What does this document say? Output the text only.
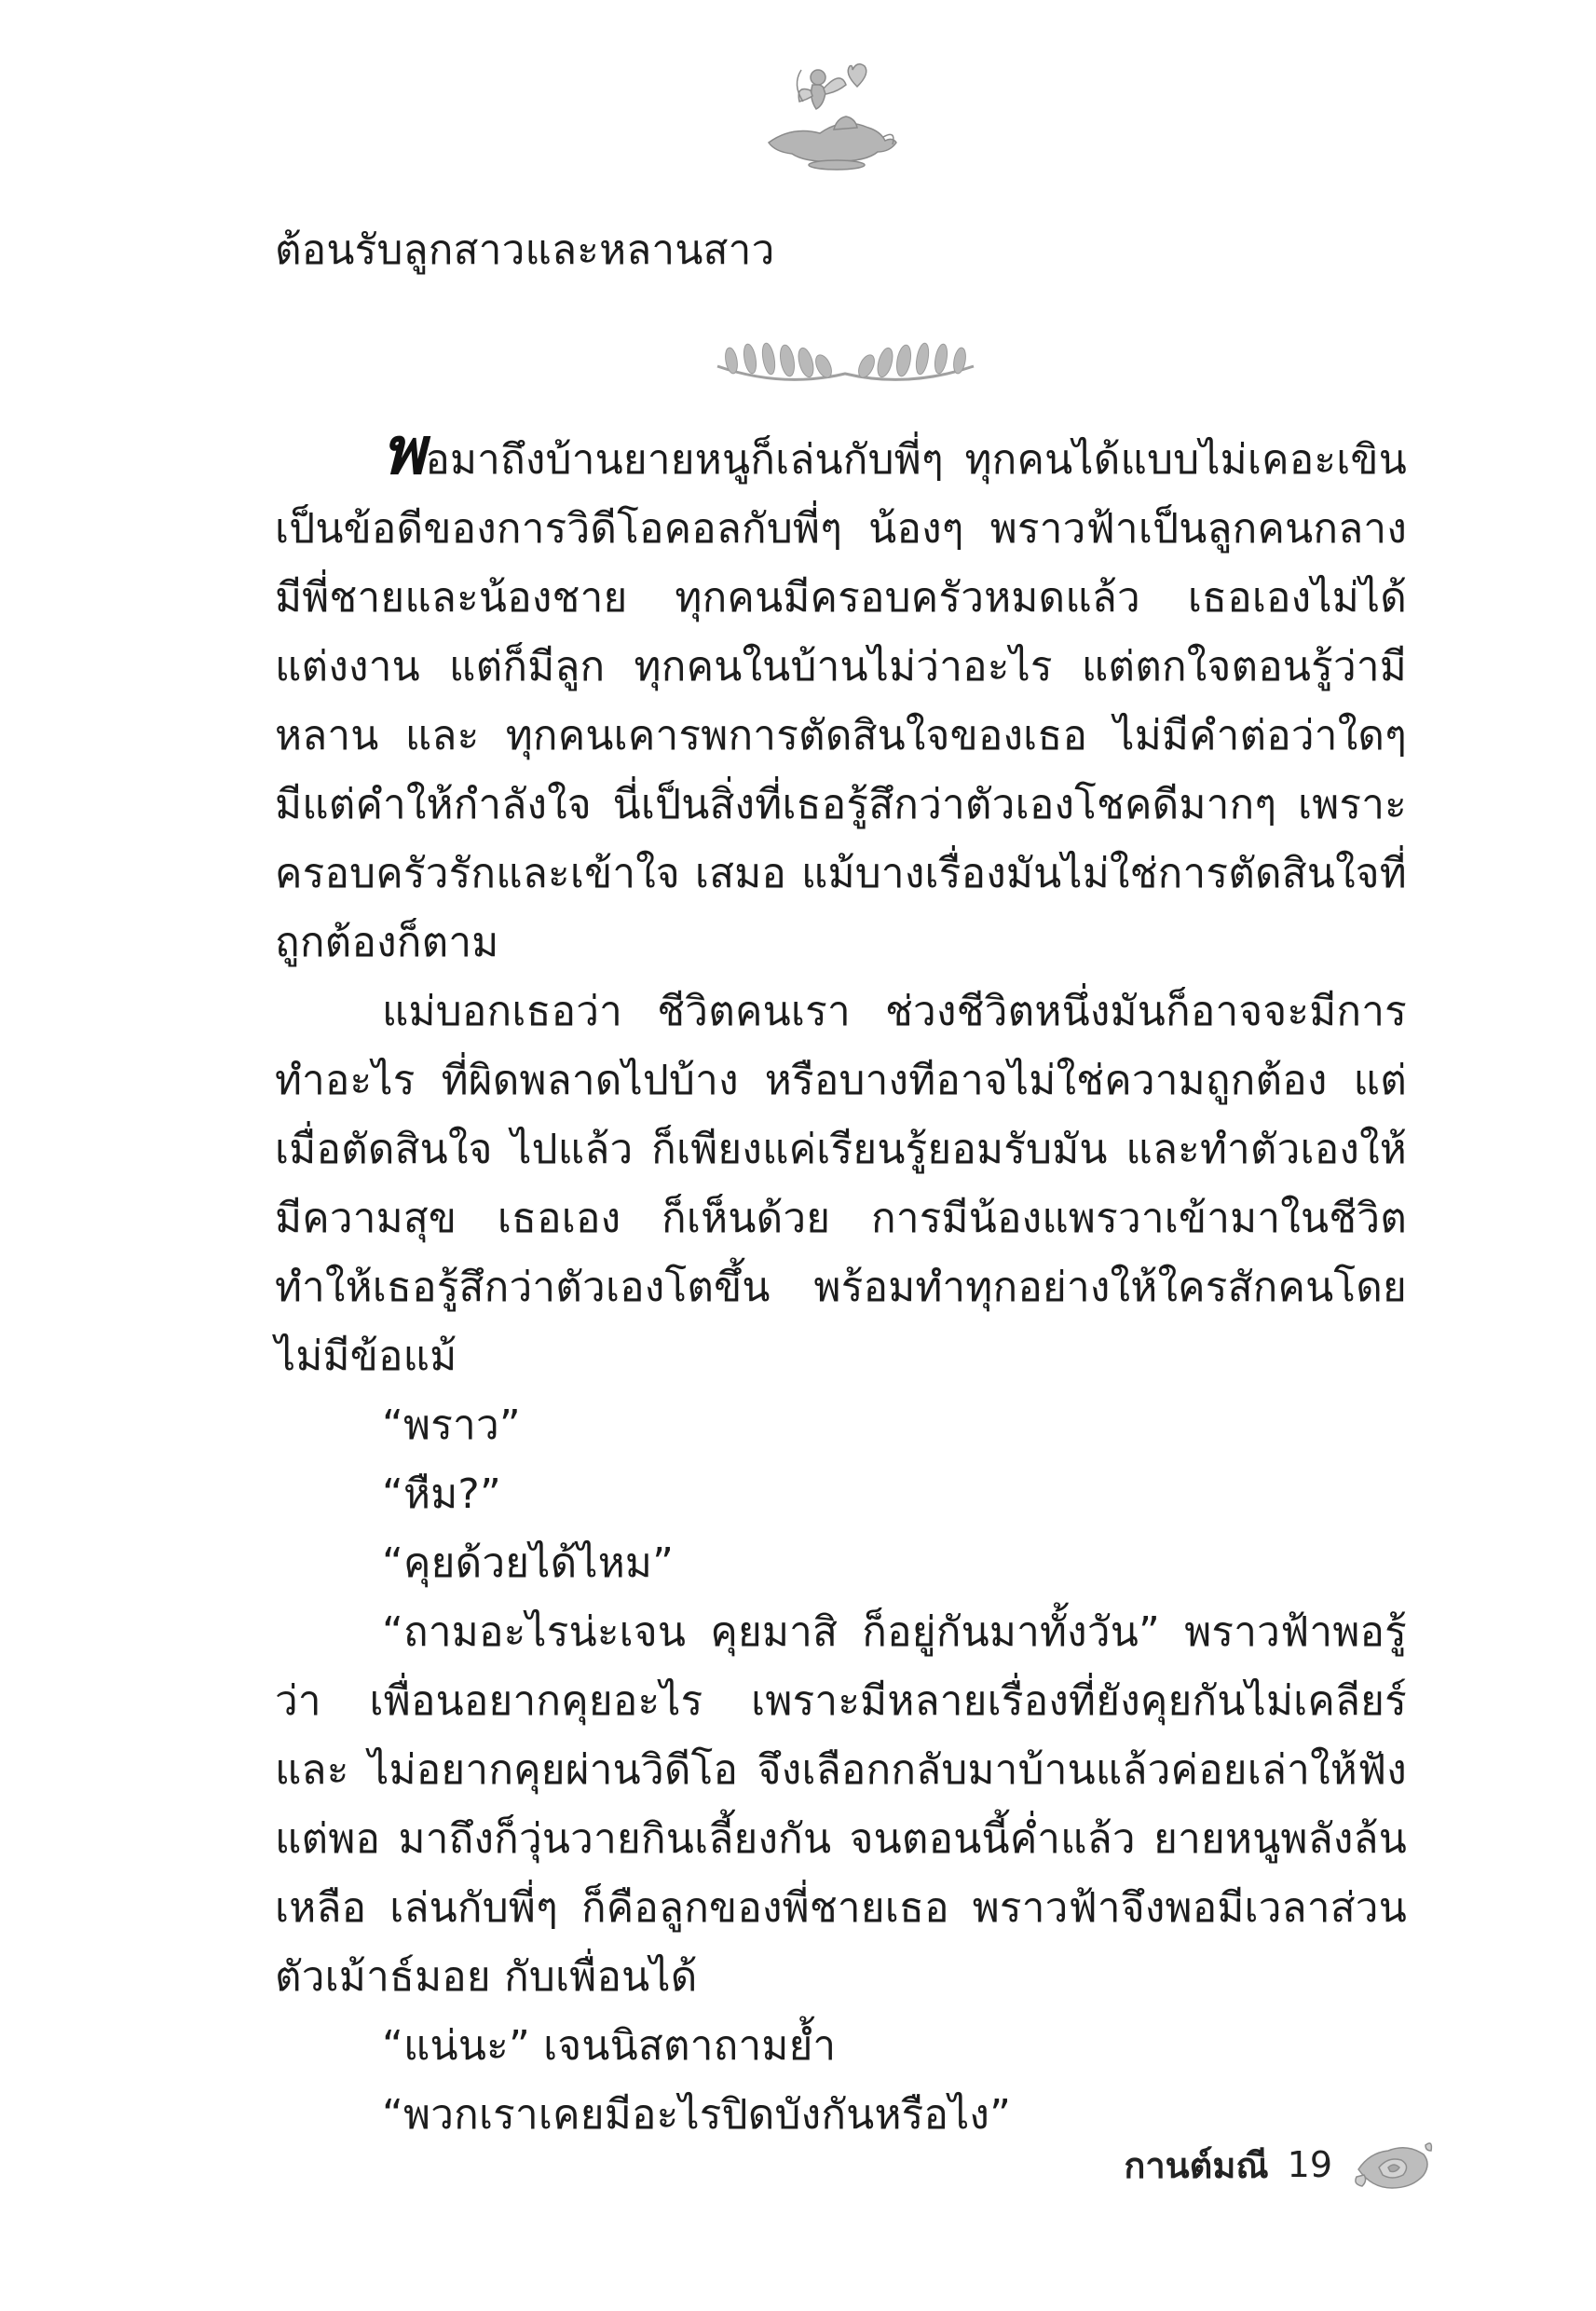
ต้อนรับลูกสาวและหลานสาว

พอมาถึงบ้านยายหนูก็เล่นกับพี่ๆ ทุกคนได้แบบไม่เคอะเขิน เป็นข้อดีของการวิดีโอคอลกับพี่ๆ น้องๆ พราวฟ้าเป็นลูกคนกลาง มีพี่ชายและน้องชาย ทุกคนมีครอบครัวหมดแล้ว เธอเองไม่ได้แต่งงาน แต่ก็มีลูก ทุกคนในบ้านไม่ว่าอะไร แต่ตกใจตอนรู้ว่ามีหลาน และ ทุกคนเคารพการตัดสินใจของเธอ ไม่มีคำต่อว่าใดๆ มีแต่คำให้กำลังใจ นี่เป็นสิ่งที่เธอรู้สึกว่าตัวเองโชคดีมากๆ เพราะครอบครัวรักและเข้าใจ เสมอ แม้บางเรื่องมันไม่ใช่การตัดสินใจที่ถูกต้องก็ตาม

แม่บอกเธอว่า ชีวิตคนเรา ช่วงชีวิตหนึ่งมันก็อาจจะมีการทำอะไร ที่ผิดพลาดไปบ้าง หรือบางทีอาจไม่ใช่ความถูกต้อง แต่เมื่อตัดสินใจ ไปแล้ว ก็เพียงแค่เรียนรู้ยอมรับมัน และทำตัวเองให้มีความสุข เธอเอง ก็เห็นด้วย การมีน้องแพรวาเข้ามาในชีวิต ทำให้เธอรู้สึกว่าตัวเองโตขึ้น พร้อมทำทุกอย่างให้ใครสักคนโดยไม่มีข้อแม้

“พราว”

“หืม?”

“คุยด้วยได้ไหม”

“ถามอะไรน่ะเจน คุยมาสิ ก็อยู่กันมาทั้งวัน” พราวฟ้าพอรู้ว่า เพื่อนอยากคุยอะไร เพราะมีหลายเรื่องที่ยังคุยกันไม่เคลียร์ และ ไม่อยากคุยผ่านวิดีโอ จึงเลือกกลับมาบ้านแล้วค่อยเล่าให้ฟัง แต่พอ มาถึงก็วุ่นวายกินเลี้ยงกัน จนตอนนี้ค่ำแล้ว ยายหนูพลังล้นเหลือ เล่นกับพี่ๆ ก็คือลูกของพี่ชายเธอ พราวฟ้าจึงพอมีเวลาส่วนตัวเม้าธ์มอย กับเพื่อนได้

“แน่นะ” เจนนิสตาถามย้ำ

“พวกเราเคยมีอะไรปิดบังกันหรือไง”

กานต์มณี 19
